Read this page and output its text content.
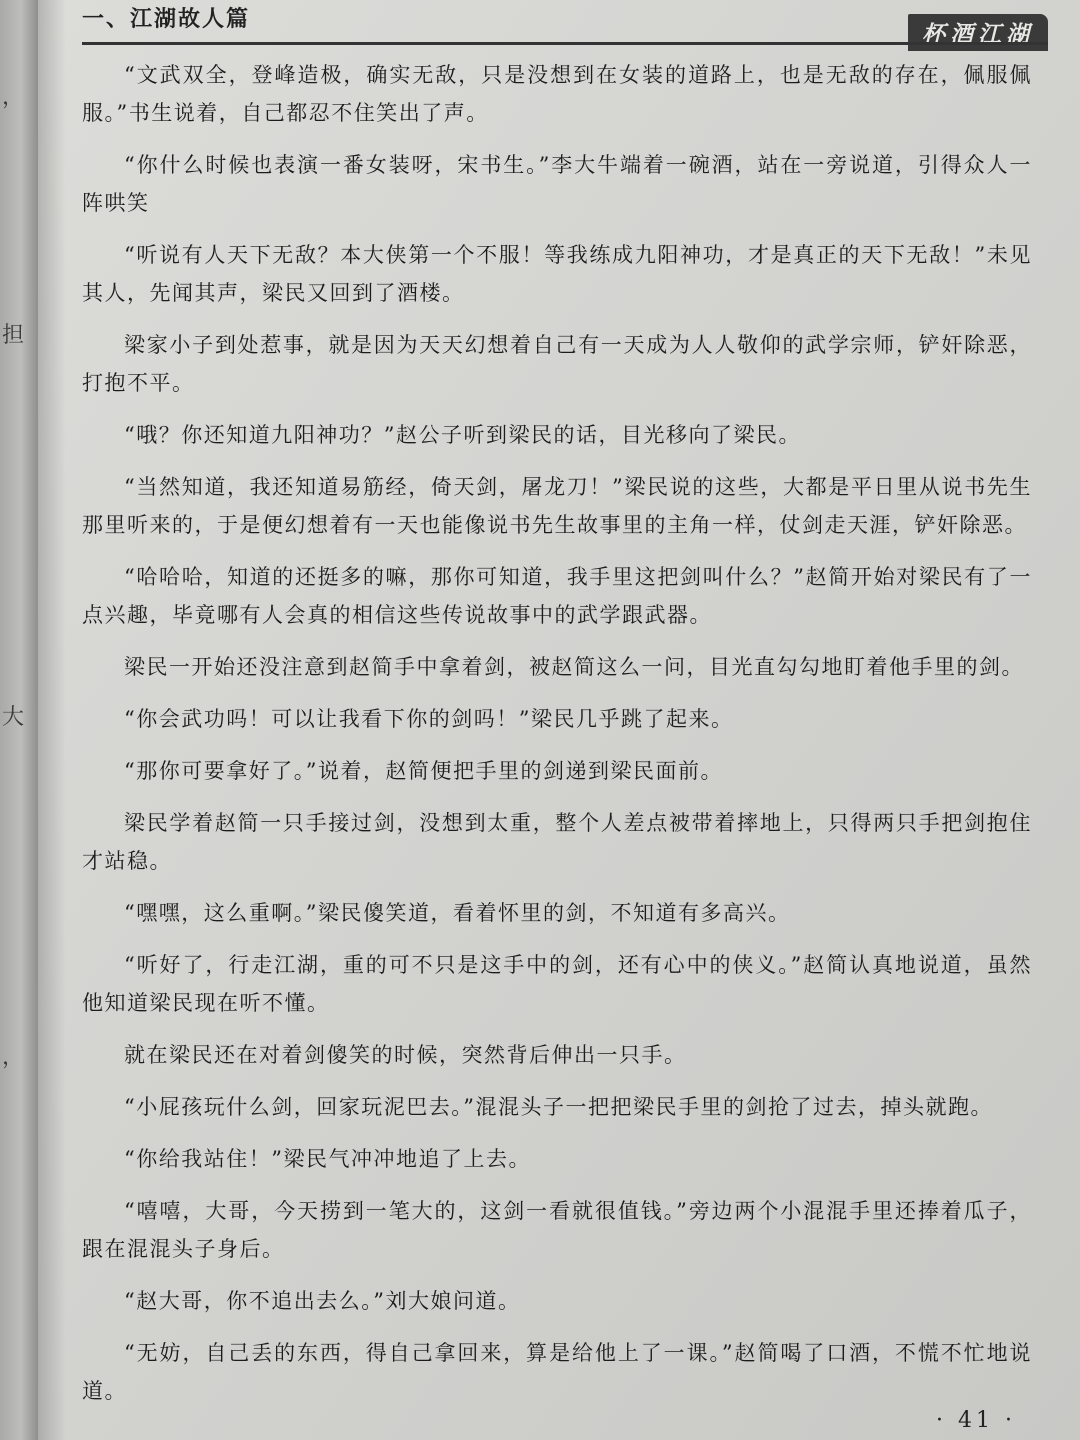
，
担
大
，
一、江湖故人篇
杯酒江湖

“文武双全，登峰造极，确实无敌，只是没想到在女装的道路上，也是无敌的存在，佩服佩服。”书生说着，自己都忍不住笑出了声。

“你什么时候也表演一番女装呀，宋书生。”李大牛端着一碗酒，站在一旁说道，引得众人一阵哄笑

“听说有人天下无敌？本大侠第一个不服！等我练成九阳神功，才是真正的天下无敌！”未见其人，先闻其声，梁民又回到了酒楼。

梁家小子到处惹事，就是因为天天幻想着自己有一天成为人人敬仰的武学宗师，铲奸除恶，打抱不平。

“哦？你还知道九阳神功？”赵公子听到梁民的话，目光移向了梁民。

“当然知道，我还知道易筋经，倚天剑，屠龙刀！”梁民说的这些，大都是平日里从说书先生那里听来的，于是便幻想着有一天也能像说书先生故事里的主角一样，仗剑走天涯，铲奸除恶。

“哈哈哈，知道的还挺多的嘛，那你可知道，我手里这把剑叫什么？”赵简开始对梁民有了一点兴趣，毕竟哪有人会真的相信这些传说故事中的武学跟武器。

梁民一开始还没注意到赵简手中拿着剑，被赵简这么一问，目光直勾勾地盯着他手里的剑。

“你会武功吗！可以让我看下你的剑吗！”梁民几乎跳了起来。

“那你可要拿好了。”说着，赵简便把手里的剑递到梁民面前。

梁民学着赵简一只手接过剑，没想到太重，整个人差点被带着摔地上，只得两只手把剑抱住才站稳。

“嘿嘿，这么重啊。”梁民傻笑道，看着怀里的剑，不知道有多高兴。

“听好了，行走江湖，重的可不只是这手中的剑，还有心中的侠义。”赵简认真地说道，虽然他知道梁民现在听不懂。

就在梁民还在对着剑傻笑的时候，突然背后伸出一只手。

“小屁孩玩什么剑，回家玩泥巴去。”混混头子一把把梁民手里的剑抢了过去，掉头就跑。

“你给我站住！”梁民气冲冲地追了上去。

“嘻嘻，大哥，今天捞到一笔大的，这剑一看就很值钱。”旁边两个小混混手里还捧着瓜子，跟在混混头子身后。

“赵大哥，你不追出去么。”刘大娘问道。

“无妨，自己丢的东西，得自己拿回来，算是给他上了一课。”赵简喝了口酒，不慌不忙地说道。

· 41 ·
